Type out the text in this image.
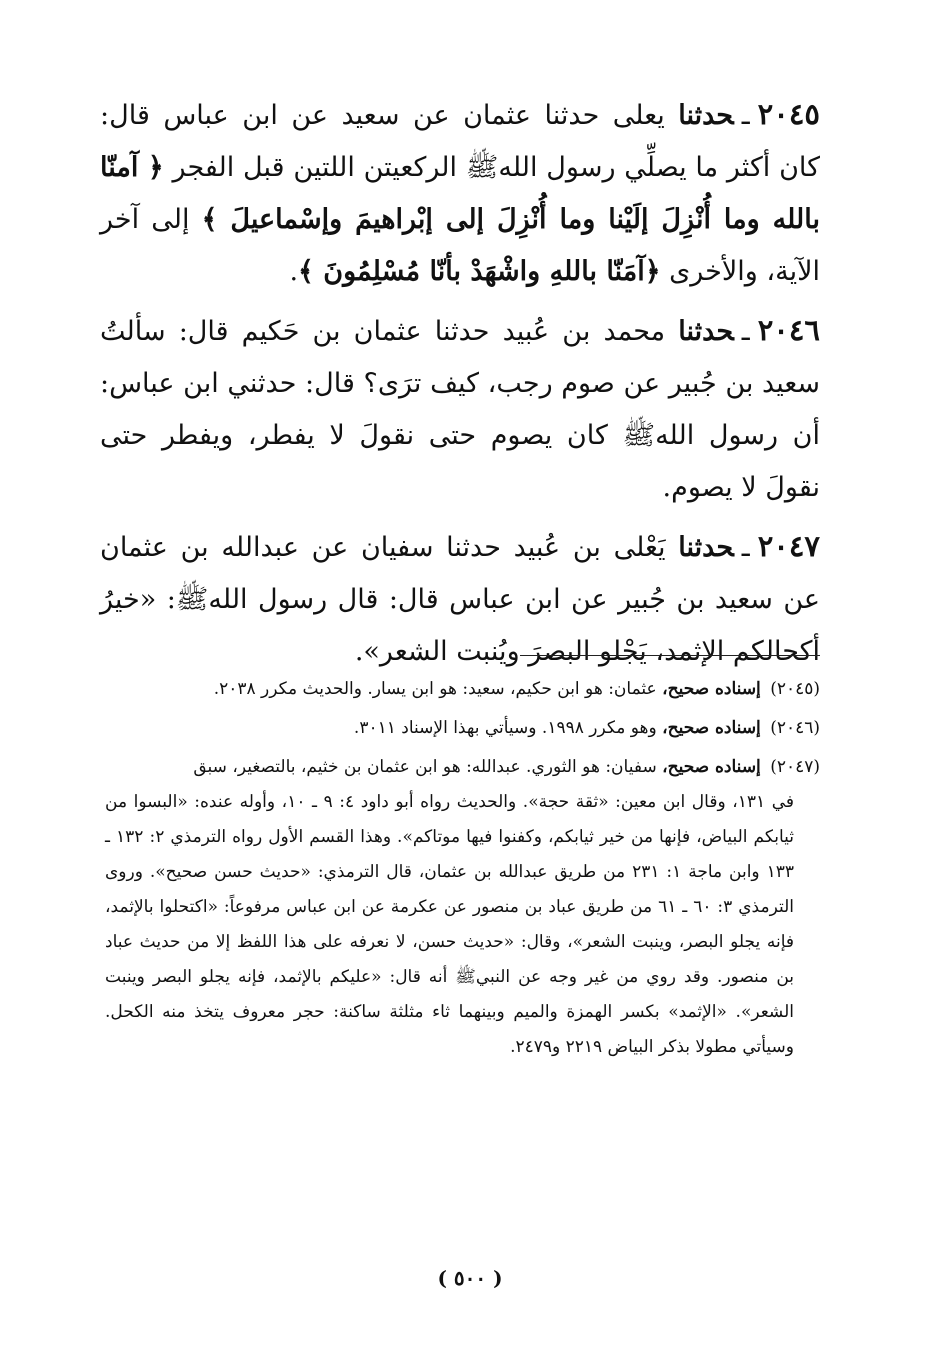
٢٠٤٥ـحدثنا يعلى حدثنا عثمان عن سعيد عن ابن عباس قال: كان أكثر ما يصلِّي رسول اللهﷺ الركعيتن اللتين قبل الفجر ﴿ آمنّا بالله وما أُنْزِلَ إلَيْنا وما أُنْزِلَ إلى إبْراهيمَ وإسْماعيلَ ﴾ إلى آخر الآية، والأخرى ﴿آمَنّا باللهِ واشْهَدْ بأنّا مُسْلِمُونَ ﴾.

٢٠٤٦ـحدثنا محمد بن عُبيد حدثنا عثمان بن حَكيم قال: سألتُ سعيد بن جُبير عن صوم رجب، كيف ترَى؟ قال: حدثني ابن عباس: أن رسول اللهﷺ كان يصوم حتى نقولَ لا يفطر، ويفطر حتى نقولَ لا يصوم.

٢٠٤٧ـحدثنا يَعْلى بن عُبيد حدثنا سفيان عن عبدالله بن عثمان عن سعيد بن جُبير عن ابن عباس قال: قال رسول اللهﷺ: «خيرُ أكحالكم الإثمد، يَجْلو البصرَ ويُنبت الشعر».

(٢٠٤٥) إسناده صحيح، عثمان: هو ابن حكيم، سعيد: هو ابن يسار. والحديث مكرر ٢٠٣٨.

(٢٠٤٦) إسناده صحيح، وهو مكرر ١٩٩٨. وسيأتي بهذا الإسناد ٣٠١١.

(٢٠٤٧) إسناده صحيح، سفيان: هو الثوري. عبدالله: هو ابن عثمان بن خثيم، بالتصغير، سبق
في ١٣١، وقال ابن معين: «ثقة حجة». والحديث رواه أبو داود ٤: ٩ ـ ١٠، وأوله عنده: «البسوا من ثيابكم البياض، فإنها من خير ثيابكم، وكفنوا فيها موتاكم». وهذا القسم الأول رواه الترمذي ٢: ١٣٢ ـ ١٣٣ وابن ماجة ١: ٢٣١ من طريق عبدالله بن عثمان، قال الترمذي: «حديث حسن صحيح». وروى الترمذي ٣: ٦٠ ـ ٦١ من طريق عباد بن منصور عن عكرمة عن ابن عباس مرفوعاً: «اكتحلوا بالإثمد، فإنه يجلو البصر، وينبت الشعر»، وقال: «حديث حسن، لا نعرفه على هذا اللفظ إلا من حديث عباد بن منصور. وقد روي من غير وجه عن النبيﷺ أنه قال: «عليكم بالإثمد، فإنه يجلو البصر وينبت الشعر». «الإثمد» بكسر الهمزة والميم وبينهما ثاء مثلثة ساكنة: حجر معروف يتخذ منه الكحل. وسيأتي مطولا بذكر البياض ٢٢١٩ و٢٤٧٩.

( ٥٠٠ )
